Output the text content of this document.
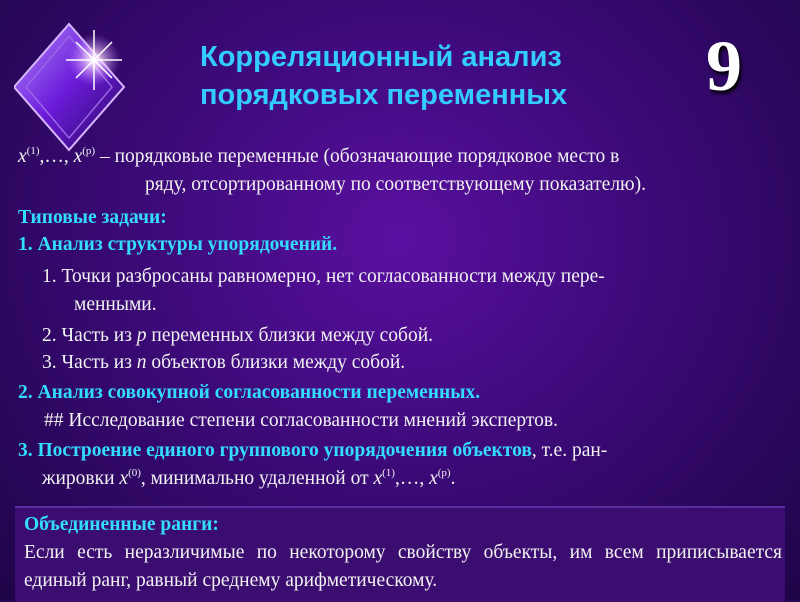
Корреляционный анализ
порядковых переменных	9
$x^{(1)},\dots$, $x^{(p)}$ – порядковые переменные (обозначающие порядковое место в
ряду, отсортированному по соответствующему показателю).
Типовые задачи:
1. Анализ структуры упорядочений.
1. Точки разбросаны равномерно, нет согласованности между пере-
менными.
2. Часть из p переменных близки между собой.
3. Часть из n объектов близки между собой.
2. Анализ совокупной согласованности переменных.
## Исследование степени согласованности мнений экспертов.
3. Построение единого группового упорядочения объектов, т.е. ран-
жировки $x^{(0)}$, минимально удаленной от $x^{(1)},\dots$, $x^{(p)}$.
Объединенные ранги:
Если есть неразличимые по некоторому свойству объекты, им всем приписывается единый ранг, равный среднему арифметическому.
